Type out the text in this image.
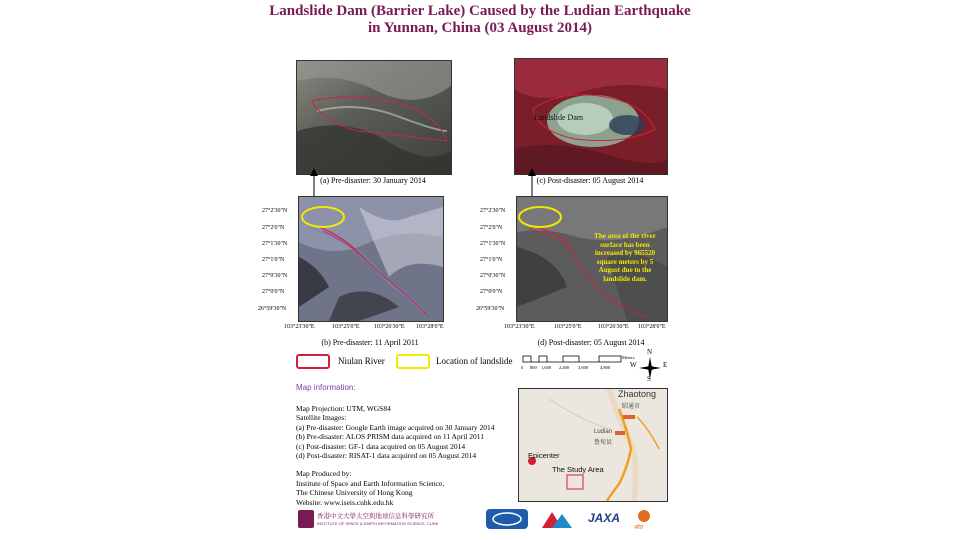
Landslide Dam (Barrier Lake) Caused by the Ludian Earthquake
in Yunnan, China (03 August 2014)
(a) Pre-disaster: 30 January 2014
Landslide Dam
(c) Post-disaster: 05 August 2014
The area of the river surface has been increased by 965520 square meters by 5 August due to the landslide dam.
27°2'30"N
27°2'0"N
27°1'30"N
27°1'0"N
27°0'30"N
27°0'0"N
26°59'30"N
103°23'30"E	103°25'0"E 103°26'30"E 103°28'0"E
(b) Pre-disaster: 11 April 2011
27°2'30"N
27°2'0"N
27°1'30"N
27°1'0"N
27°0'30"N
27°0'0"N
26°59'30"N
103°23'30"E	103°25'0"E	103°26'30"E 103°28'0"E
(d) Post-disaster: 05 August 2014
Niulan River	Location of landslide
0 800 1,600 2,400 3,600	4,800
Meters
N
S
W	E
Map information:
Map Projection: UTM, WGS84
Satellite Images:
(a) Pre-disaster: Google Earth image acquired on 30 January 2014
(b) Pre-disaster: ALOS PRISM data acquired on 11 April 2011
(c) Post-disaster: GF-1 data acquired on 05 August 2014
(d) Post-disaster: RISAT-1 data acquired on 05 August 2014
Map Produced by:
Institute of Space and Earth Information Science,
The Chinese University of Hong Kong
Website: www.iseis.cuhk.edu.hk
Zhaotong
昭通市
Ludian
鲁甸县
Epicenter
The Study Area
香港中文大學太空與地球信息科學研究所
INSTITUTE OF SPACE & EARTH INFORMATION SCIENCE, CUHK	JAXA
श्रोत
